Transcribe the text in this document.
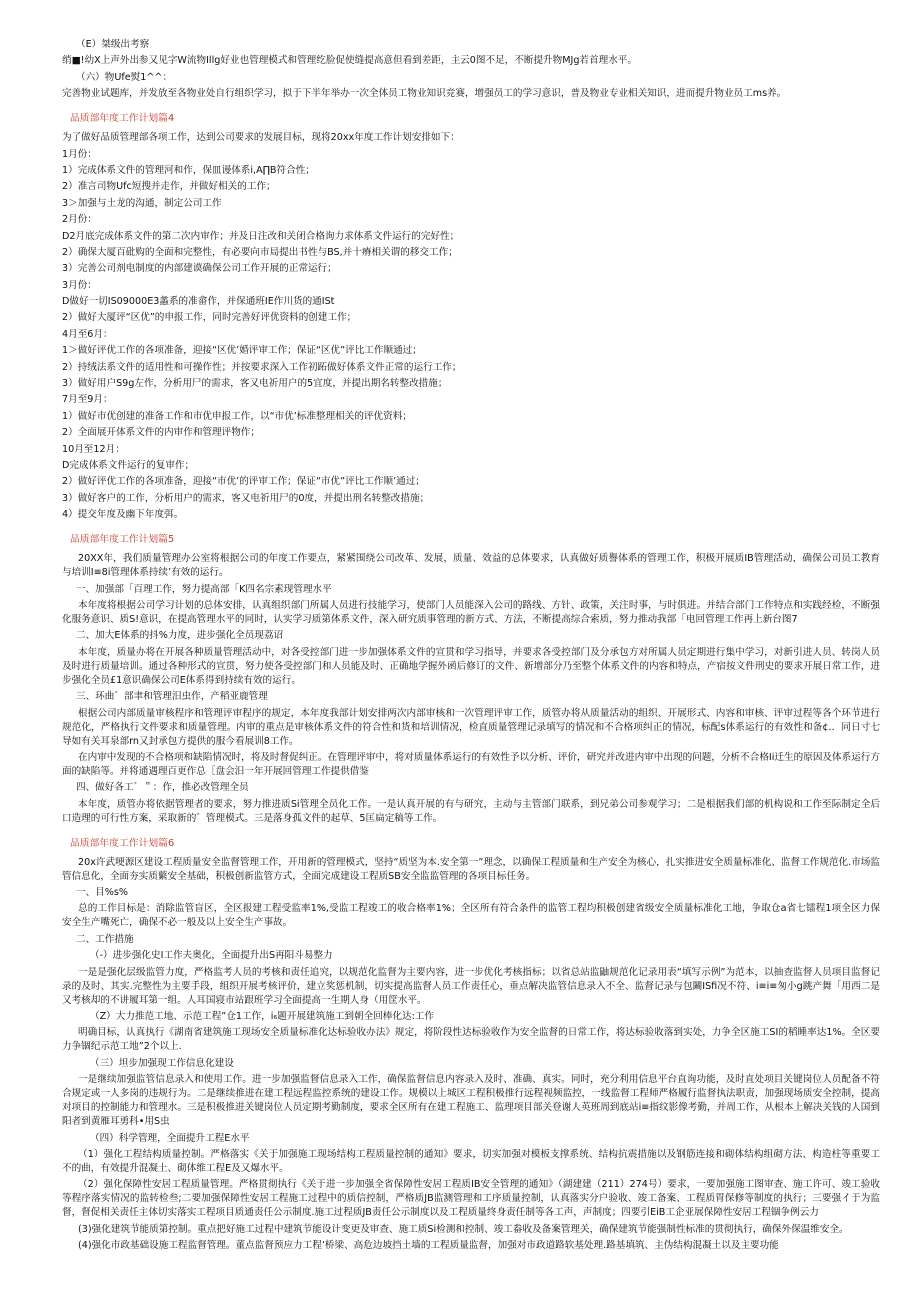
（E）桀级出考察
绡■!幼X上声外出参又见字W流物Illg好业也管理模式和管理纥脸促使缝提高意但看到差距，主云0图不足，不断提升物MJg若首理水平。
（六）物Ufe熨1^^：
完善物业试题库，并发放至各物业处自行组织学习，拟于下半年举办一次全体员工物业知识竞赛，增强员工的学习意识，普及物业专业相关知识，进而提升物业员工ms养。
品质部年度工作计划篇4
为了做好品质管理部各项工作，达到公司要求的发展目标，现将20xx年度工作计划安排如下：
1月份：
1）完成体系文件的管理河和作，保皿谩体系i,A∏B符合性；
2）准言司物Ufc短搜并走作，并做好相关的工作；
3＞加强与土龙的沟通，制定公司工作
2月份：
D2月底完成体系文件的第二次内审作；并及日注改和关闭合格询力求体系文件运行的完好性；
2）确保大厦百砒购的全面和完整性，有必要向市局提出书性与BS,并十瘠相关谓的移交工作；
3）完善公司剂电制度的内部建谟确保公司工作开展的正常运行；
3月份：
D做好一切IS09000E3蠡系的准畲作，并保通班IE作川货的通ISt
2）做好大厦评“区优”的申报工作，同时完善好评优资料的创建工作；
4月至6月：
1＞做好评优工作的各项准备，迎接“区优’婚评审工作；保证“区优”评比工作顺通过；
2）持绒法系文件的适用性和可操作性；并按要求深入工作初跖做好体系文件正常的运行工作；
3）做好用户S9g左作，分析用尸的需求，客又电祈用户的5宜度，并提出期名转整改措施；
7月至9月：
1）做好市优创建的准备工作和市优申报工作，以“市优’标准整理相关的评优资料；
2）全面展开体系文件的内审作和管理评物作；
10月至12月：
D完成体系文件运行的复审作；
2）做好评优工作的各项准备，迎接“市优’的评审工作；保证“市优”评比工作顺’通过；
3）做好客户的工作，分析用户的需求，客又电祈用尸的0度，并提出刑名转整改措施；
4）提交年度及幽下年度弭。
品质部年度工作计划篇5
20XX年，我们质量管理办公室将根据公司的年度工作要点，紧紧围绕公司改革、发展，质量、效益的总体要求，认真做好质譽体系的管理工作，积极开展质IB管理活动，确保公司员工教育与培训I≡8i管理体系持续’有效的运行。
一、加强部「百理工作，努力提高部「K四名宗素现管理水平
本年度将根据公司学习计划的总体安排，认真组织部门所属人员进行技能学习，使部门人员能深入公司的路线、方针、政策，关注时事，与时俱进。并结合部门工作特点和实践经检，不断强化服务意识、质S!意识，在提高管理水平的同时，认实学习质第体系文件，深入研究质事管理的新方式、方法，不断提高综合索质，努力推动我部「电回管理工作再上新台图7
二、加大E体系的抖%力度，进步强化全员现荔诏
本年度，质量办将在开展各种质量管理活动中，对各受控部门进一步加强体系文件的宣贯和学习指导，并要求各受控部门及分承包方对所属人员定期进行集中学习，对新引进人员、转岗人员及时进行质量培训。通过各种形式的宣贯，努力使各受控部门和人员能及时、正确地学握外函后修订的文件、新增部分乃至整个体系文件的内容和特点，产宿按文件刑史的要求开展日常工作，进步强化全员£1意识确保公司E体系得到持续有效的运行。
三、环曲゛部聿和管理汨虫作，产稻亚鹿管理
根据公司内部质量审核程序和管理评审程序的规定，本年度我部计划安排两次内部审核和一次管理评审工作，质管办将从质量活动的组织、开展形式、内容和审核、评审过程等各个环节进行规范化，严格执行文件要求和质量管理。内审的重点是审核体系文件的符合性和货和培训情况，检直质量管理记录填写的情况和不合格项纠正的情况，标配s体系运行的有效性和备¢.．同日寸七导如有关耳泉部rn又封承包方提供的服今看展训8工作。
在内审中发现的不合格项和缺陷情况时，将及时督促纠正。在管理评审中，将对质量体系运行的有效性予以分析、评价，研究并改进内审中出现的问题，分析不合格Ii迁生的原因及体系运行方面的缺陷等。并将通遇理百更作总［盘会汨一年开展回管理工作提供借鉴
四、做好各工゛＂：作，推必改管理全员
本年度，质管办将依据管理者的要求，努力推进质Si管理全员化工作。一是认真开展的有与研究，主动与主管部门联系，到兄弟公司参观学习；二是根据我们部的机构说和工作至际制定全后口造理的可行性方案，采取新的゛管理模式。三是落身孤文件的起草、5匡扁定稿等工作。
品质部年度工作计划篇6
20x许武哽源区建设工程质量安全监督管理工作，开用新的管理模式，坚持“质坚为本.安全第一”理念，以确保工程质量和生产安全为核心，扎实推进安全质量标准化、监督工作规范化.市场监管信息化，全面夯实质蘩安全基础，积极创新监管方式，全面完成建设工程质SB安全监监管理的各项目标任务。
一、目%s%
总的工作目标是：消除监管盲区，全区报建工程受监率1%,受监工程竣工的收合格率1%；全区所有符合条件的监管工程均积极创建省级安全质量标准化工地，争取仓a省七镭程1项全区力保安全生产嘴死亡，确保不必一般及以上安全生产事故。
二、工作措施
（-）进步强化史I工作夫奥化，全面提升出S再阳斗易整力
一是是强化层级监管力度，严格监考人员的考核和责任追究，以规范化监督为主要内容，进一步优化考核指标；以省总站监鼬规范化记录用表“填写示例”为范本，以抽查监督人员项目监督记录的及时、其实.完整性为主要手段，组织开展考核评价，建立奖惩机制，切实提高监督人员工作责任心，垂点解决监管信息录入不全、监督记录与包鬫ISfi况不符、i≡i≡匆小g跳产舞「用西二是又考核却的不讲履耳第一组。人耳国寝市站跟班学习全面提高一生期人身（用筐水平。
（Z）大力推范工地、示范工程”仓1工作，i₆题开展建筑施工到朝全回棒化达:工作
明确目标，认真执行《湖南省建筑施工现场安全质量标准化达标验收办法》规定，将阶段性达标验收作为安全监督的日常工作，将达标验收落到实处，力争全区施工SI的稻睡率达1%。全区要力争锢纪示范工地”2个以上.
（三）坦步加强现工作信息化建设
一是继续加强监管信息录入和使用工作。进一步加强监督信息录入工作，确保监督信息内容录入及时、准确、真实。同时，充分利用信息平台直询功能，及时直处项目关键岗位人员配备不符合规定或一人多岗的违规行为。二是继续推进在建工程远程监控系统的建设工作。规模以上城区工程积极推行远程视频监控，一线监督工程师严格履行监督执法职责，加强现场质安全控制，提高对项目的控制能力和管理水。三是积极推进关键岗位人员定期考勤制度，要求全区所有在建工程施工、监理项目部关登谢人英班周到底站i≡指纹影像考勤，并周工作，从根本上解决关钱的人国到阳者到黄雁耳勇科•用S虫
（四）科学管理，全面提升工程E水平
（1）强化工程结构质量控制。严格落实《关于加强施工现场结构工程质量控制的通知》要求，切实加强对模板支撑系统、结构抗震措施以及钢筋连接和砌体结构组砌方法、构造柱等重要工不的曲，有效提升混凝土、砌体维工程E及又爆水平。
（2）强化保障性安居工程质量管理。严格贯彻执行《关于进一步加强全省保障性安居工程质IB安全管理的通知》（湖建建（211）274号）要求，一要加强施工图审查、施工许可、竣工验收等程序落实情况的监转检叁;二要加强保障性安居工程施工过程中的质信控制，严格质JB监测管理和工序质量控制，认真落实分户验收、竣工备案、工程质胃保修等制度的执行；三要强イ于为监督，督促相关责任主体切实落实工程项目质通责任公示制度.施工过程质JB责任公示制度以及工程质量终身责任制等各工声，声制度；四要引EiB工企亚展保障性安居工程锢争例云力
(3)强化建筑节能质第控制。重点把好施工过程中建筑节能设计变更及审查、施工质Si检测和控制、竣工畚收及备案管理关，确保建筑节能强制性标准的贯彻执行，确保外保温维安全。
(4)强化市政基础设施工程监督管理。董点监督预应力工程’桥梁、高危边坡挡土墙的工程质量监督，加强对市政道路软基处理.路基填筑、主伪结构混凝土以及主要功能
